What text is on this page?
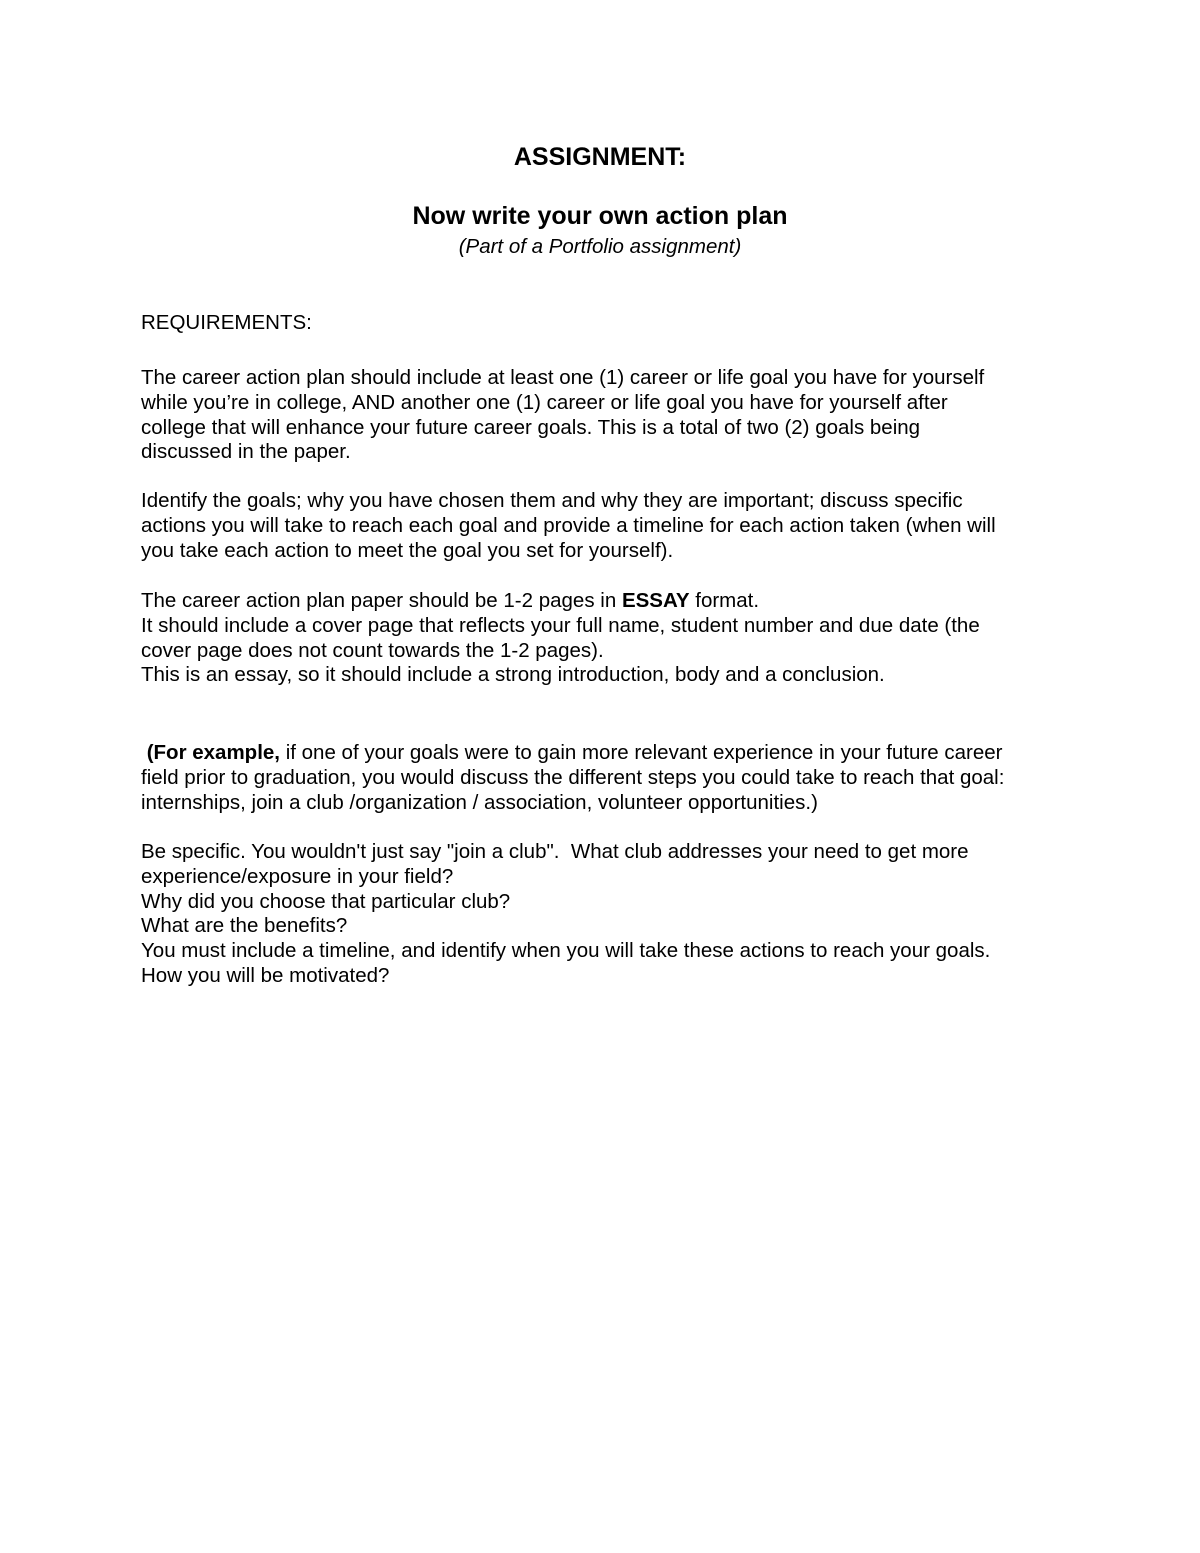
ASSIGNMENT:
Now write your own action plan
(Part of a Portfolio assignment)
REQUIREMENTS:
The career action plan should include at least one (1) career or life goal you have for yourself
while you’re in college, AND another one (1) career or life goal you have for yourself after
college that will enhance your future career goals. This is a total of two (2) goals being
discussed in the paper.
Identify the goals; why you have chosen them and why they are important; discuss specific
actions you will take to reach each goal and provide a timeline for each action taken (when will
you take each action to meet the goal you set for yourself).
The career action plan paper should be 1-2 pages in ESSAY format.
It should include a cover page that reflects your full name, student number and due date (the
cover page does not count towards the 1-2 pages).
This is an essay, so it should include a strong introduction, body and a conclusion.
(For example, if one of your goals were to gain more relevant experience in your future career
field prior to graduation, you would discuss the different steps you could take to reach that goal:
internships, join a club /organization / association, volunteer opportunities.)
Be specific. You wouldn't just say "join a club".  What club addresses your need to get more
experience/exposure in your field?
Why did you choose that particular club?
What are the benefits?
You must include a timeline, and identify when you will take these actions to reach your goals.
How you will be motivated?
